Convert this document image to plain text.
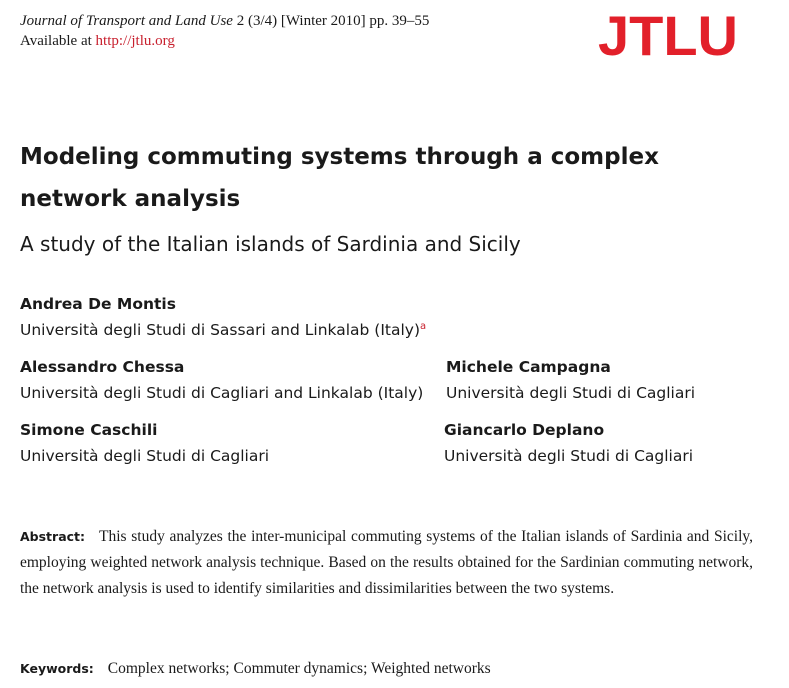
Journal of Transport and Land Use 2 (3/4) [Winter 2010] pp. 39–55
Available at http://jtlu.org	JTLU
Modeling commuting systems through a complex network analysis
A study of the Italian islands of Sardinia and Sicily
Andrea De Montis
Università degli Studi di Sassari and Linkalab (Italy)$^a$
Alessandro Chessa
Università degli Studi di Cagliari and Linkalab (Italy)
Michele Campagna
Università degli Studi di Cagliari
Simone Caschili
Università degli Studi di Cagliari
Giancarlo Deplano
Università degli Studi di Cagliari
Abstract: This study analyzes the inter-municipal commuting systems of the Italian islands of Sardinia and Sicily, employing weighted network analysis technique. Based on the results obtained for the Sardinian commuting network, the network analysis is used to identify similarities and dissimilarities between the two systems.
Keywords: Complex networks; Commuter dynamics; Weighted networks
